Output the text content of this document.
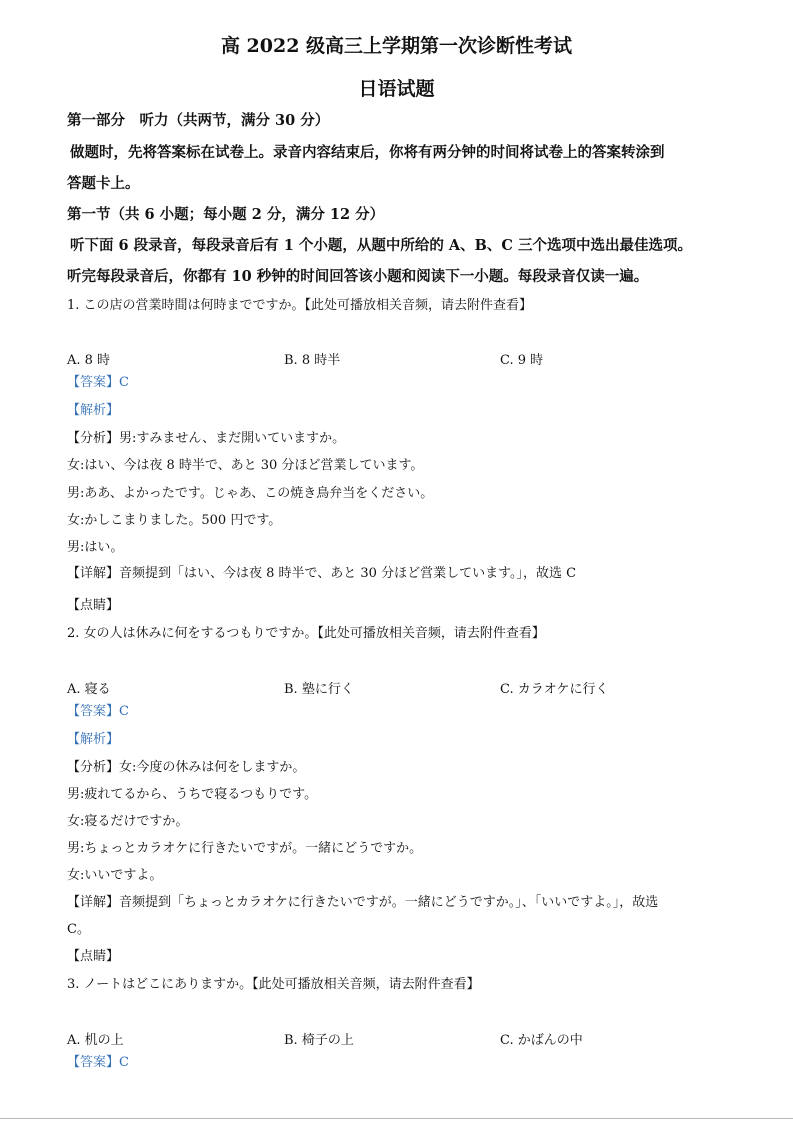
高 2022 级高三上学期第一次诊断性考试
日语试题
第一部分　听力（共两节，满分 30 分）
做题时，先将答案标在试卷上。录音内容结束后，你将有两分钟的时间将试卷上的答案转涂到
答题卡上。
第一节（共 6 小题；每小题 2 分，满分 12 分）
听下面 6 段录音，每段录音后有 1 个小题，从题中所给的 A、B、C 三个选项中选出最佳选项。
听完每段录音后，你都有 10 秒钟的时间回答该小题和阅读下一小题。每段录音仅读一遍。
1. この店の営業時間は何時までですか。【此处可播放相关音频，请去附件查看】
A. 8 時	B. 8 時半	C. 9 時
【答案】C
【解析】
【分析】男:すみません、まだ開いていますか。
女:はい、今は夜 8 時半で、あと 30 分ほど営業しています。
男:ああ、よかったです。じゃあ、この焼き鳥弁当をください。
女:かしこまりました。500 円です。
男:はい。
【详解】音频提到「はい、今は夜 8 時半で、あと 30 分ほど営業しています。」，故选 C
【点睛】
2. 女の人は休みに何をするつもりですか。【此处可播放相关音频，请去附件查看】
A. 寝る	B. 塾に行く	C. カラオケに行く
【答案】C
【解析】
【分析】女:今度の休みは何をしますか。
男:疲れてるから、うちで寝るつもりです。
女:寝るだけですか。
男:ちょっとカラオケに行きたいですが。一緒にどうですか。
女:いいですよ。
【详解】音频提到「ちょっとカラオケに行きたいですが。一緒にどうですか。」、「いいですよ。」，故选
C。
【点睛】
3. ノートはどこにありますか。【此处可播放相关音频，请去附件查看】
A. 机の上	B. 椅子の上	C. かばんの中
【答案】C
